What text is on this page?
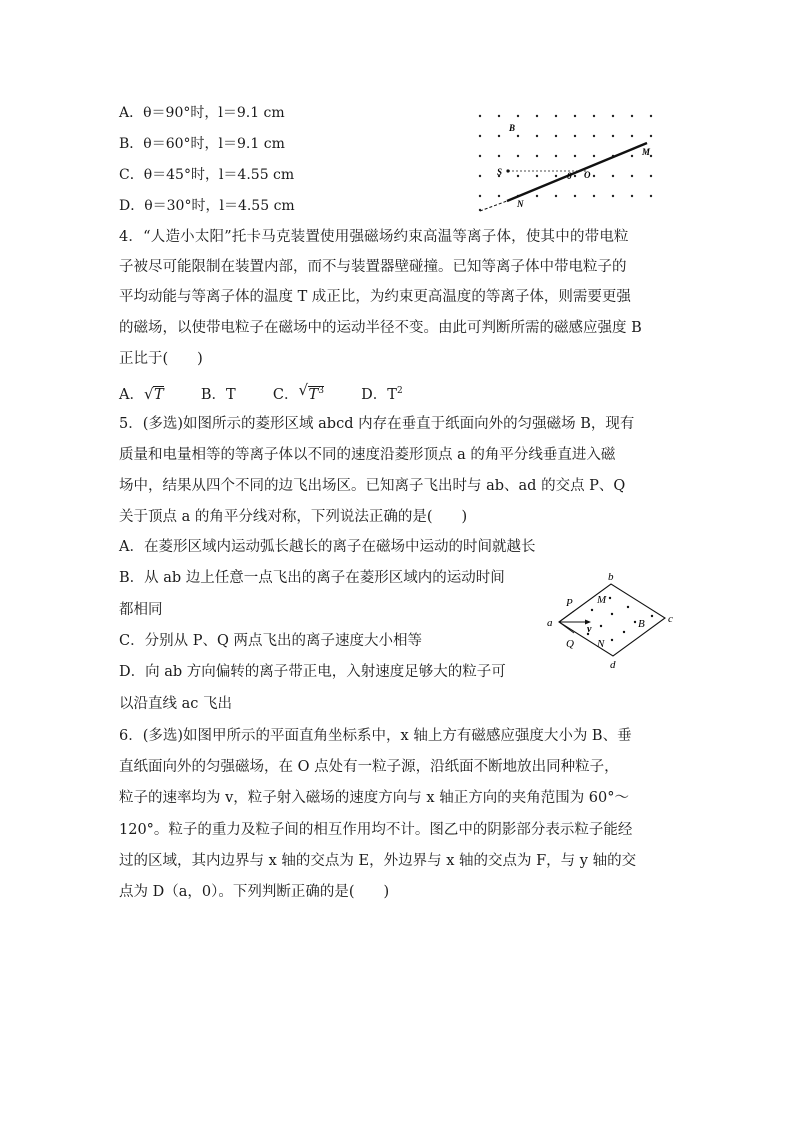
A．θ＝90°时，l＝9.1 cm
B．θ＝60°时，l＝9.1 cm
C．θ＝45°时，l＝4.55 cm
D．θ＝30°时，l＝4.55 cm
B
S	θ O
M
N
4．“人造小太阳”托卡马克装置使用强磁场约束高温等离子体，使其中的带电粒
子被尽可能限制在装置内部，而不与装置器壁碰撞。已知等离子体中带电粒子的
平均动能与等离子体的温度 T 成正比，为约束更高温度的等离子体，则需要更强
的磁场，以使带电粒子在磁场中的运动半径不变。由此可判断所需的磁感应强度 B
正比于(　　)
A． √ T	B．T	C． √ $T^3$	D．$T^2$
5．(多选)如图所示的菱形区域 abcd 内存在垂直于纸面向外的匀强磁场 B，现有
质量和电量相等的等离子体以不同的速度沿菱形顶点 a 的角平分线垂直进入磁
场中，结果从四个不同的边飞出场区。已知离子飞出时与 ab、ad 的交点 P、Q
关于顶点 a 的角平分线对称，下列说法正确的是(　　)
A．在菱形区域内运动弧长越长的离子在磁场中运动的时间就越长
B．从 ab 边上任意一点飞出的离子在菱形区域内的运动时间
都相同
C．分别从 P、Q 两点飞出的离子速度大小相等
D．向 ab 方向偏转的离子带正电，入射速度足够大的粒子可
以沿直线 ac 飞出
a
b
c
d
P
Q
M
N
B
v
6．(多选)如图甲所示的平面直角坐标系中，x 轴上方有磁感应强度大小为 B、垂
直纸面向外的匀强磁场，在 O 点处有一粒子源，沿纸面不断地放出同种粒子，
粒子的速率均为 v，粒子射入磁场的速度方向与 x 轴正方向的夹角范围为 60°～
120°。粒子的重力及粒子间的相互作用均不计。图乙中的阴影部分表示粒子能经
过的区域，其内边界与 x 轴的交点为 E，外边界与 x 轴的交点为 F，与 y 轴的交
点为 D（a，0）。下列判断正确的是(　　)
